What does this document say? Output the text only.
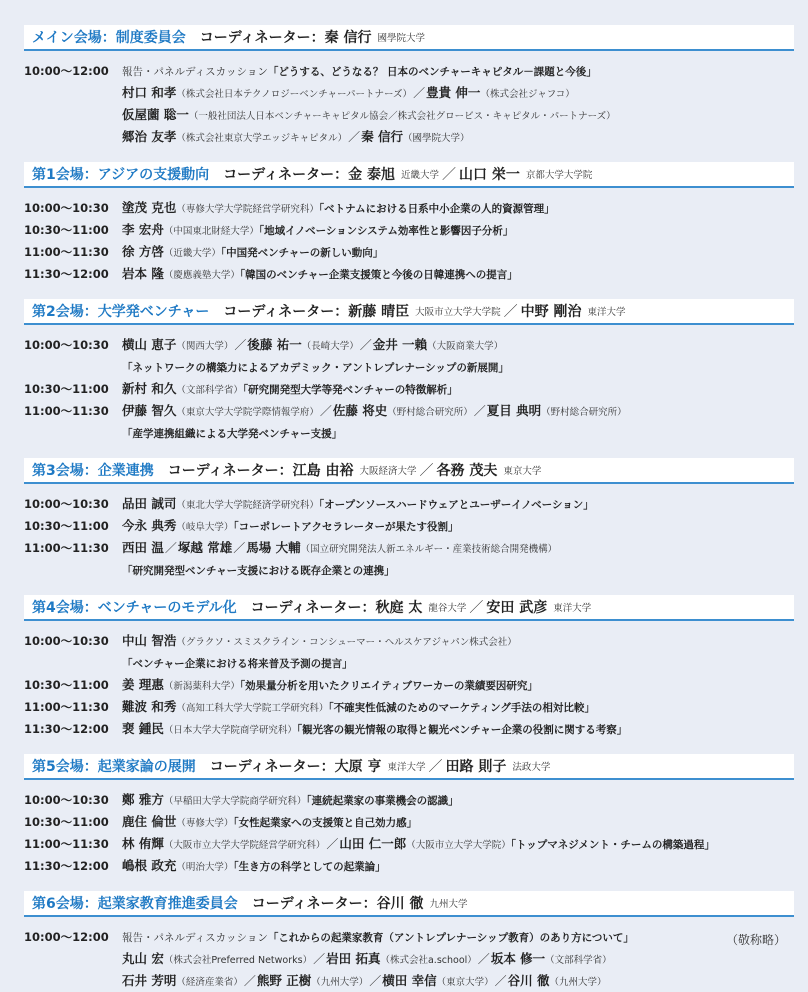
メイン会場：制度委員会 コーディネーター： 秦 信行 國學院大学
10:00～12:00	報告・パネルディスカッション「どうする、どうなる？ 日本のベンチャーキャピタル－課題と今後」
村口 和孝（株式会社日本テクノロジーベンチャーパートナーズ）／豊貴 伸一（株式会社ジャフコ）
仮屋薗 聡一（一般社団法人日本ベンチャーキャピタル協会／株式会社グロービス・キャピタル・パートナーズ）
郷治 友孝（株式会社東京大学エッジキャピタル）／秦 信行（國學院大学）
第1会場：アジアの支援動向 コーディネーター： 金 泰旭 近畿大学 ／ 山口 栄一 京都大学大学院
10:00～10:30	塗茂 克也（専修大学大学院経営学研究科）「ベトナムにおける日系中小企業の人的資源管理」
10:30～11:00	李 宏舟（中国東北財経大学）「地域イノベーションシステム効率性と影響因子分析」
11:00～11:30	徐 方啓（近畿大学）「中国発ベンチャーの新しい動向」
11:30～12:00	岩本 隆（慶應義塾大学）「韓国のベンチャー企業支援策と今後の日韓連携への提言」
第2会場：大学発ベンチャー コーディネーター： 新藤 晴臣 大阪市立大学大学院 ／ 中野 剛治 東洋大学
10:00～10:30	横山 恵子（関西大学）／後藤 祐一（長崎大学）／金井 一賴（大阪商業大学）
「ネットワークの構築力によるアカデミック・アントレプレナーシップの新展開」
10:30～11:00	新村 和久（文部科学省）「研究開発型大学等発ベンチャーの特徴解析」
11:00～11:30	伊藤 智久（東京大学大学院学際情報学府）／佐藤 将史（野村総合研究所）／夏目 典明（野村総合研究所）
「産学連携組織による大学発ベンチャー支援」
第3会場：企業連携 コーディネーター： 江島 由裕 大阪経済大学 ／ 各務 茂夫 東京大学
10:00～10:30	品田 誠司（東北大学大学院経済学研究科）「オープンソースハードウェアとユーザーイノベーション」
10:30～11:00	今永 典秀（岐阜大学）「コーポレートアクセラレーターが果たす役割」
11:00～11:30	西田 温／塚越 常雄／馬場 大輔（国立研究開発法人新エネルギー・産業技術総合開発機構）
「研究開発型ベンチャー支援における既存企業との連携」
第4会場：ベンチャーのモデル化 コーディネーター： 秋庭 太 龍谷大学 ／ 安田 武彦 東洋大学
10:00～10:30	中山 智浩（グラクソ・スミスクライン・コンシューマー・ヘルスケアジャパン株式会社）
「ベンチャー企業における将来普及予測の提言」
10:30～11:00	姜 理惠（新潟薬科大学）「効果量分析を用いたクリエイティブワーカーの業績要因研究」
11:00～11:30	難波 和秀（高知工科大学大学院工学研究科）「不確実性低減のためのマーケティング手法の相対比較」
11:30～12:00	裵 鍾民（日本大学大学院商学研究科）「観光客の観光情報の取得と観光ベンチャー企業の役割に関する考察」
第5会場：起業家論の展開 コーディネーター： 大原 亨 東洋大学 ／ 田路 則子 法政大学
10:00～10:30	鄭 雅方（早稲田大学大学院商学研究科）「連続起業家の事業機会の認識」
10:30～11:00	鹿住 倫世（専修大学）「女性起業家への支援策と自己効力感」
11:00～11:30	林 侑輝（大阪市立大学大学院経営学研究科）／山田 仁一郎（大阪市立大学大学院）「トップマネジメント・チームの構築過程」
11:30～12:00	嶋根 政充（明治大学）「生き方の科学としての起業論」
第6会場：起業家教育推進委員会 コーディネーター： 谷川 徹 九州大学
10:00～12:00	報告・パネルディスカッション「これからの起業家教育（アントレプレナーシップ教育）のあり方について」
丸山 宏（株式会社Preferred Networks）／岩田 拓真（株式会社a.school）／坂本 修一（文部科学省）
石井 芳明（経済産業省）／熊野 正樹（九州大学）／横田 幸信（東京大学）／谷川 徹（九州大学）
（敬称略）
